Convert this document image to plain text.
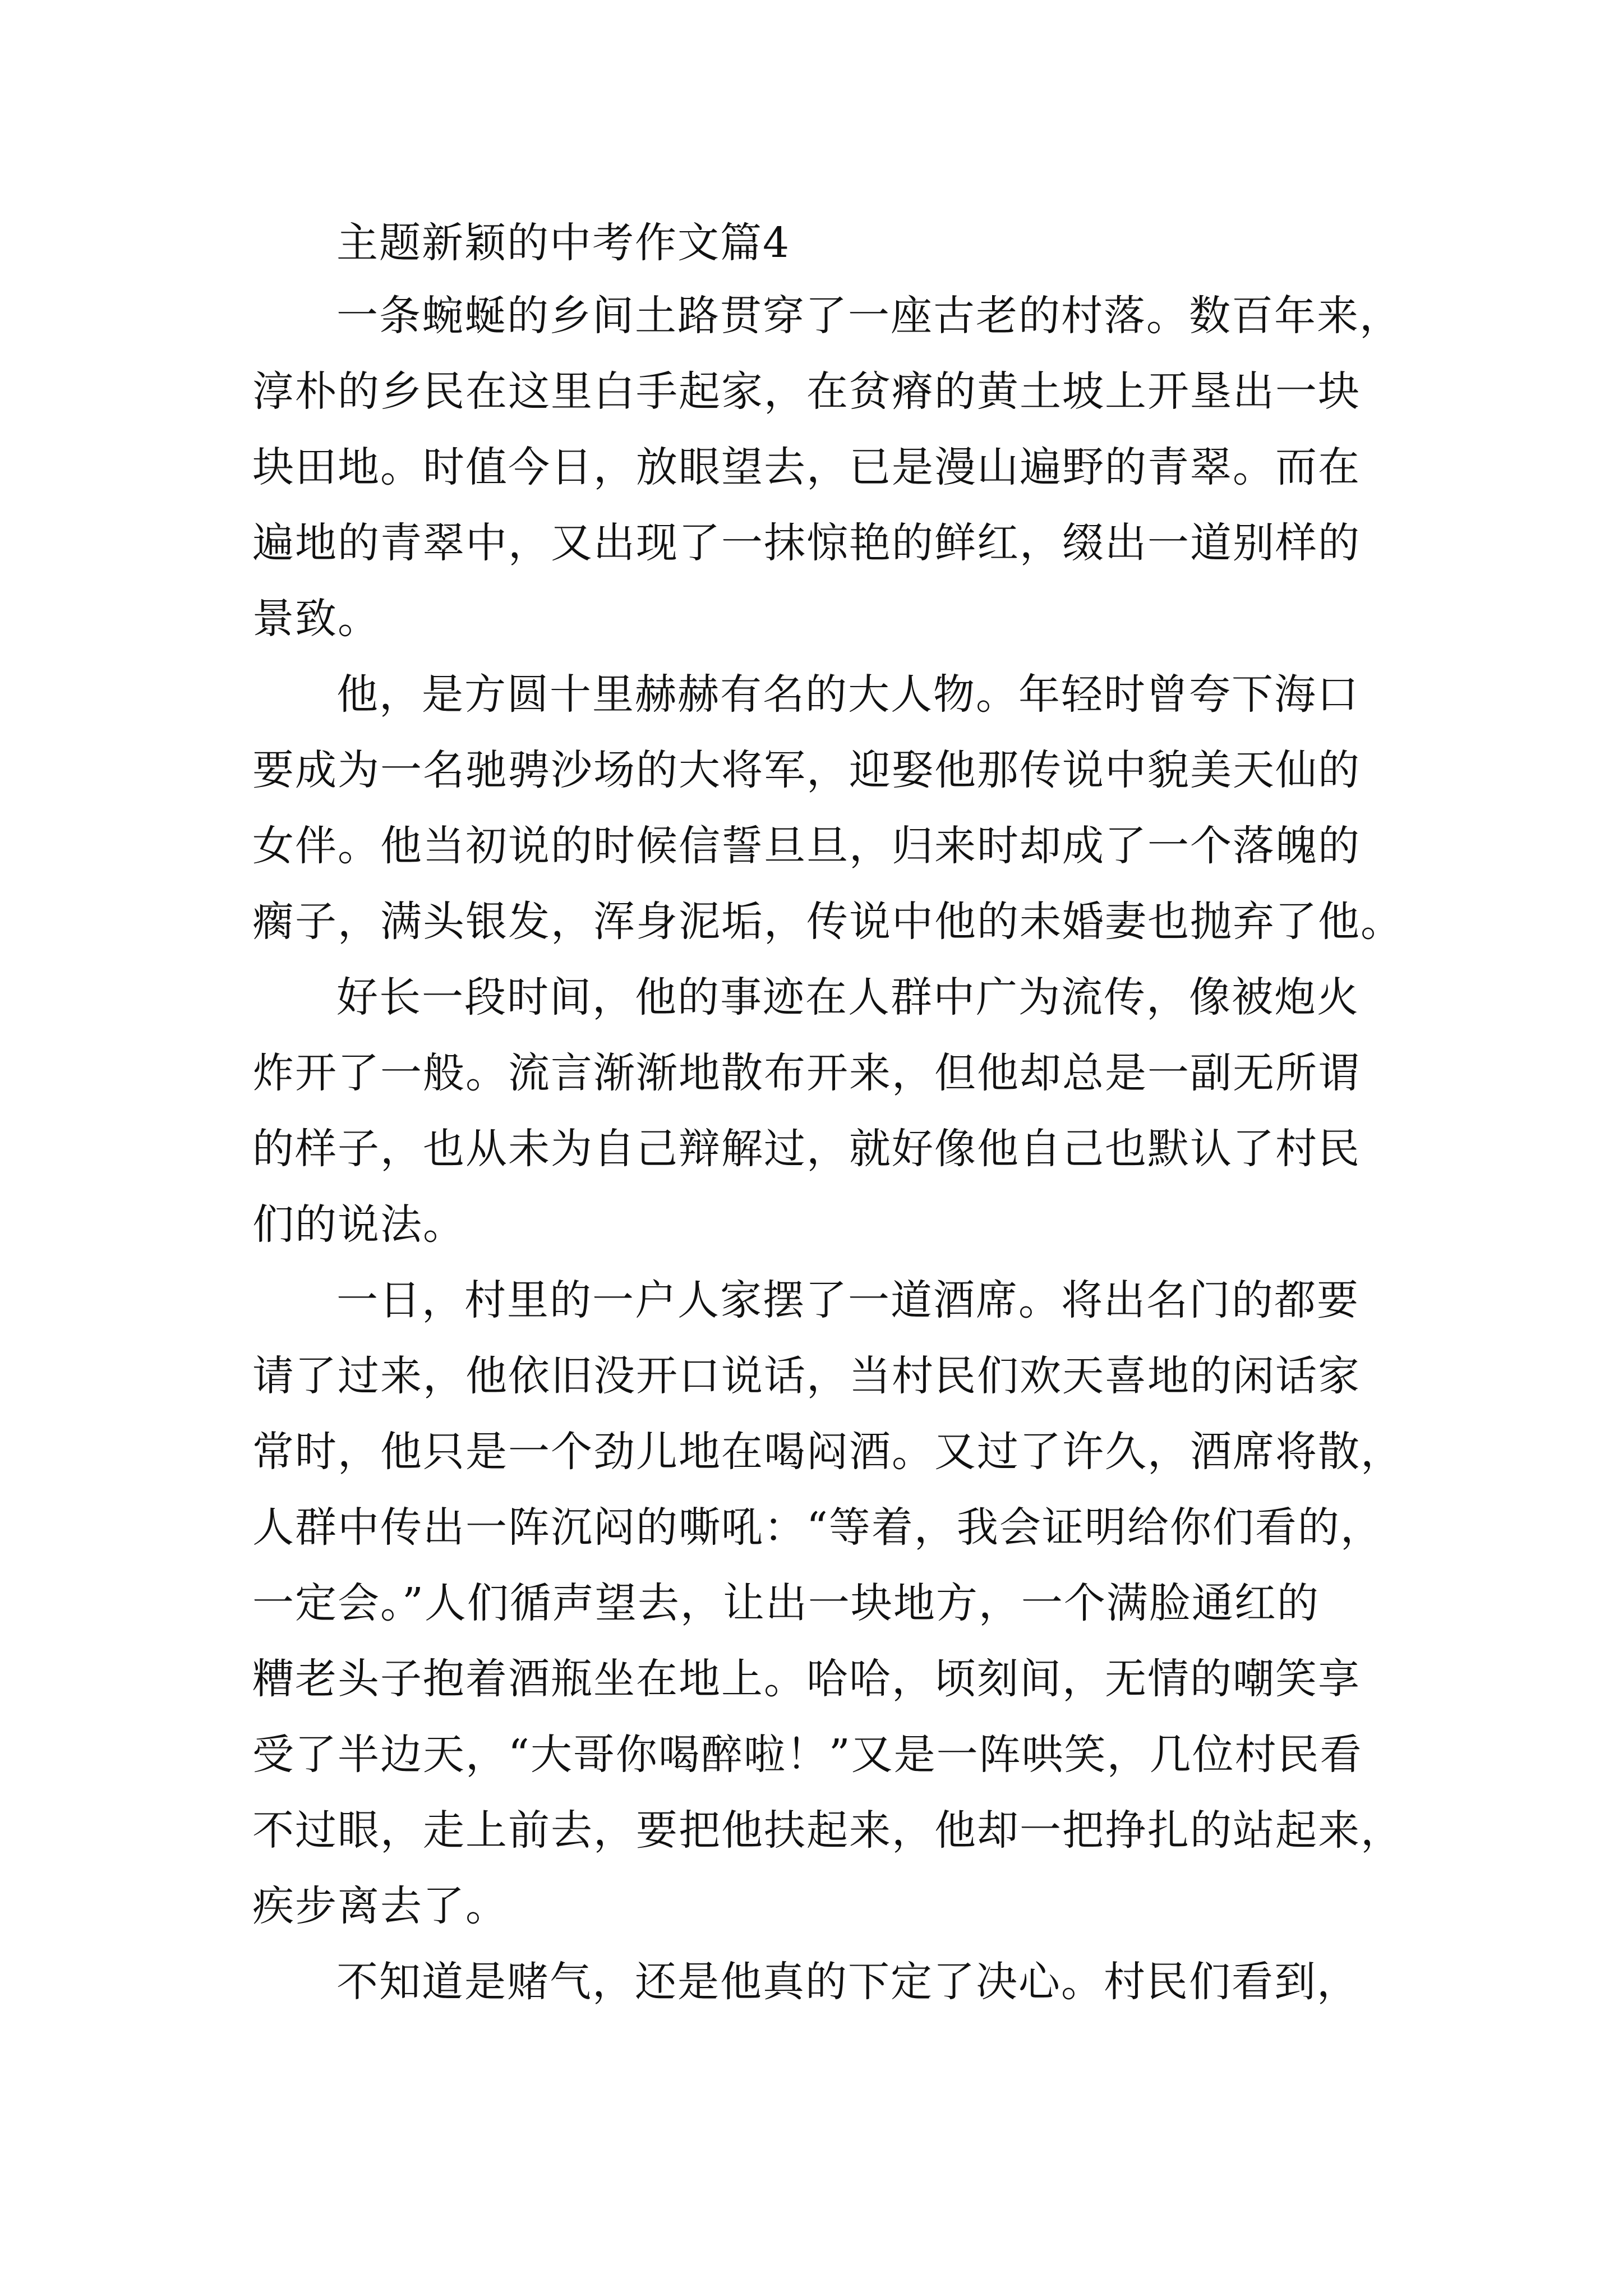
主题新颖的中考作文篇4
一条蜿蜒的乡间土路贯穿了一座古老的村落。数百年来，
淳朴的乡民在这里白手起家，在贫瘠的黄土坡上开垦出一块
块田地。时值今日，放眼望去，已是漫山遍野的青翠。而在
遍地的青翠中，又出现了一抹惊艳的鲜红，缀出一道别样的
景致。
他，是方圆十里赫赫有名的大人物。年轻时曾夸下海口
要成为一名驰骋沙场的大将军，迎娶他那传说中貌美天仙的
女伴。他当初说的时候信誓旦旦，归来时却成了一个落魄的
瘸子，满头银发，浑身泥垢，传说中他的未婚妻也抛弃了他。
好长一段时间，他的事迹在人群中广为流传，像被炮火
炸开了一般。流言渐渐地散布开来，但他却总是一副无所谓
的样子，也从未为自己辩解过，就好像他自己也默认了村民
们的说法。
一日，村里的一户人家摆了一道酒席。将出名门的都要
请了过来，他依旧没开口说话，当村民们欢天喜地的闲话家
常时，他只是一个劲儿地在喝闷酒。又过了许久，酒席将散，
人群中传出一阵沉闷的嘶吼：“等着，我会证明给你们看的，
一定会。”人们循声望去，让出一块地方，一个满脸通红的
糟老头子抱着酒瓶坐在地上。哈哈，顷刻间，无情的嘲笑享
受了半边天，“大哥你喝醉啦！”又是一阵哄笑，几位村民看
不过眼，走上前去，要把他扶起来，他却一把挣扎的站起来，
疾步离去了。
不知道是赌气，还是他真的下定了决心。村民们看到，
